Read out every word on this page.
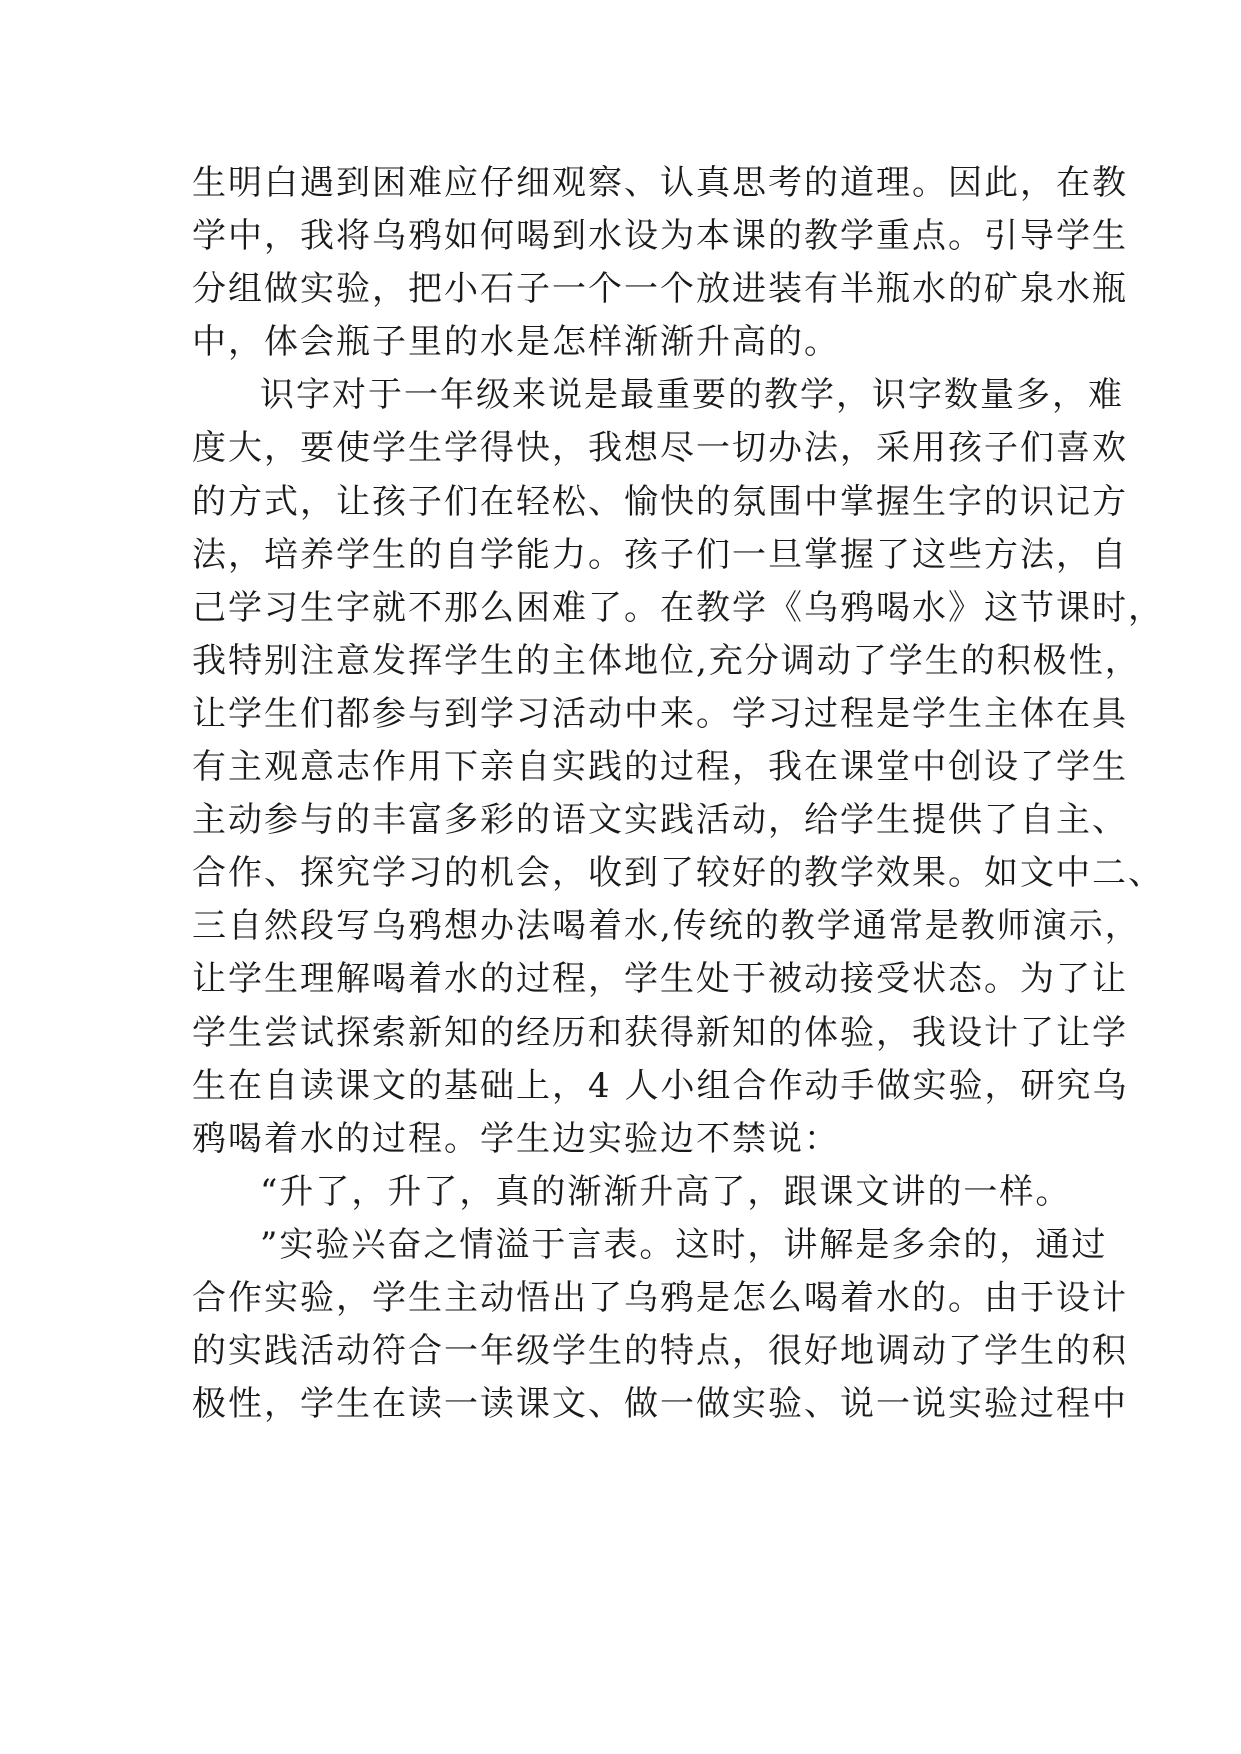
生明白遇到困难应仔细观察、认真思考的道理。因此，在教
学中，我将乌鸦如何喝到水设为本课的教学重点。引导学生
分组做实验，把小石子一个一个放进装有半瓶水的矿泉水瓶
中，体会瓶子里的水是怎样渐渐升高的。
识字对于一年级来说是最重要的教学，识字数量多，难
度大，要使学生学得快，我想尽一切办法，采用孩子们喜欢
的方式，让孩子们在轻松、愉快的氛围中掌握生字的识记方
法，培养学生的自学能力。孩子们一旦掌握了这些方法，自
己学习生字就不那么困难了。在教学《乌鸦喝水》这节课时，
我特别注意发挥学生的主体地位,充分调动了学生的积极性，
让学生们都参与到学习活动中来。学习过程是学生主体在具
有主观意志作用下亲自实践的过程，我在课堂中创设了学生
主动参与的丰富多彩的语文实践活动，给学生提供了自主、
合作、探究学习的机会，收到了较好的教学效果。如文中二、
三自然段写乌鸦想办法喝着水,传统的教学通常是教师演示，
让学生理解喝着水的过程，学生处于被动接受状态。为了让
学生尝试探索新知的经历和获得新知的体验，我设计了让学
生在自读课文的基础上，4 人小组合作动手做实验，研究乌
鸦喝着水的过程。学生边实验边不禁说：
“升了，升了，真的渐渐升高了，跟课文讲的一样。
”实验兴奋之情溢于言表。这时，讲解是多余的，通过
合作实验，学生主动悟出了乌鸦是怎么喝着水的。由于设计
的实践活动符合一年级学生的特点，很好地调动了学生的积
极性，学生在读一读课文、做一做实验、说一说实验过程中
